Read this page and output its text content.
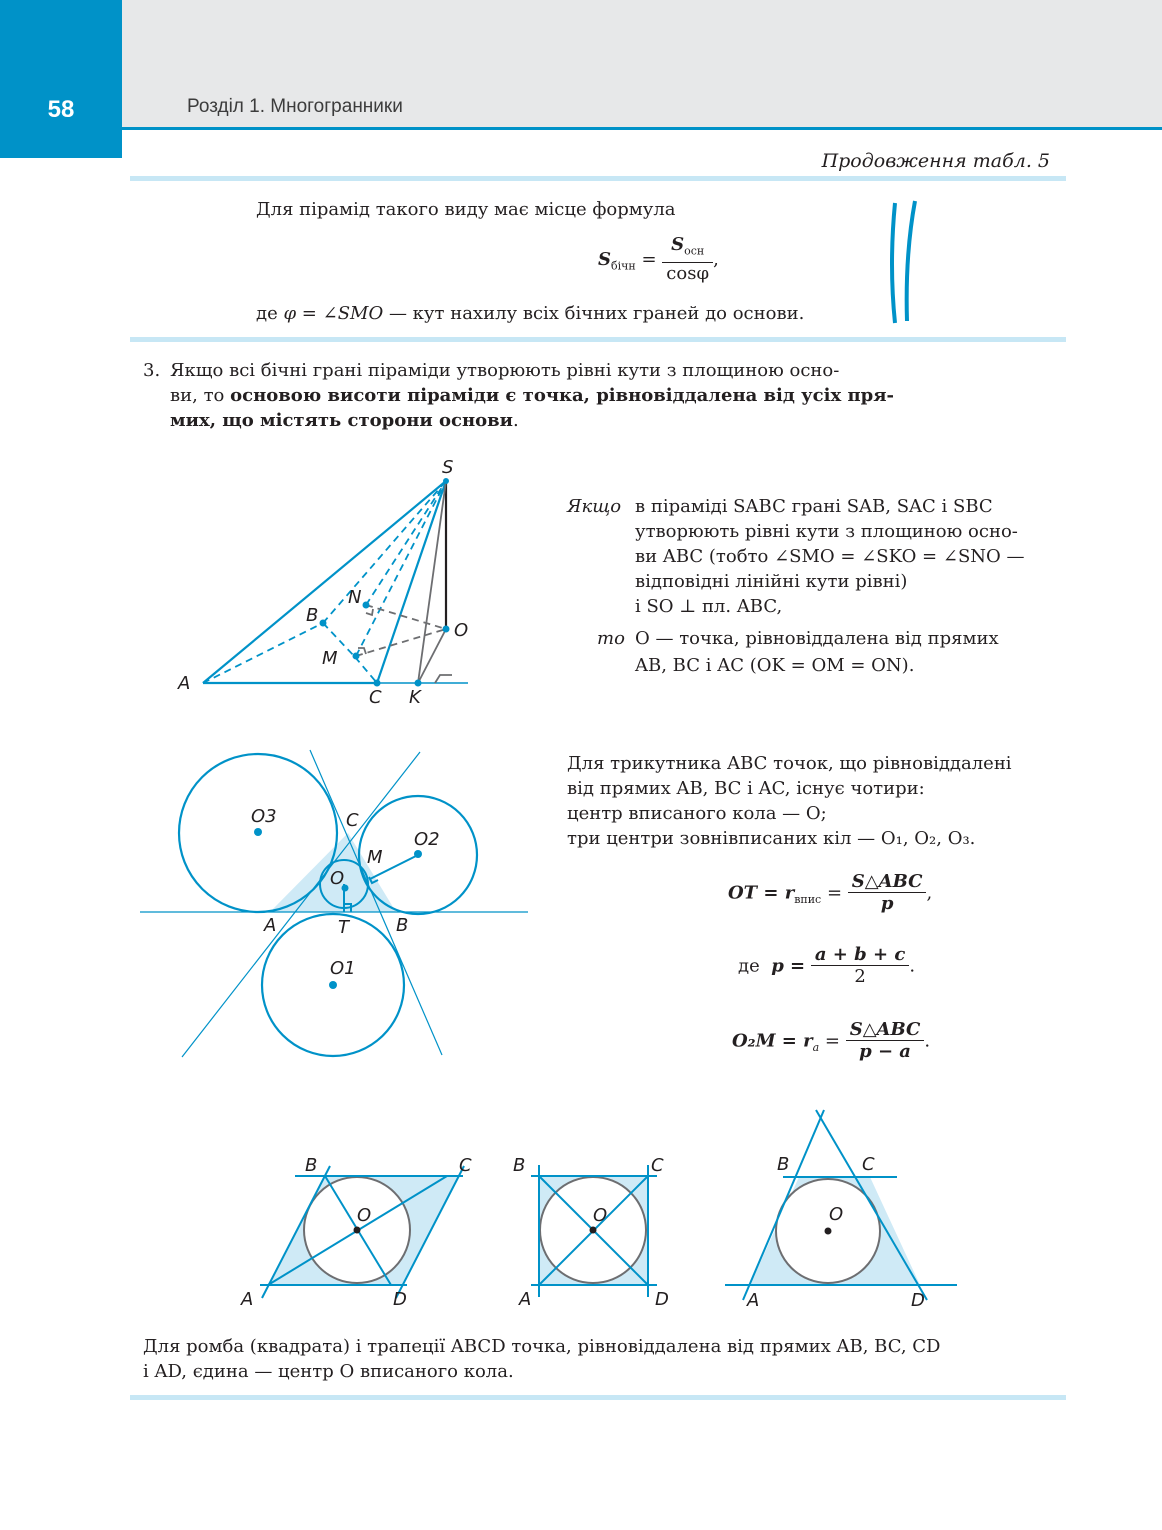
58	Розділ 1. Многогранники
Продовження табл. 5
Для пірамід такого виду має місце формула
$S_{бічн} = \frac{S_{осн}}{\cos\varphi}$ ,
де φ = ∠SMO — кут нахилу всіх бічних граней до основи.
3. Якщо всі бічні грані піраміди утворюють рівні кути з площиною осно-
ви, то основою висоти піраміди є точка, рівновіддалена від усіх пря-
мих, що містять сторони основи.
S
N
B
O
M
A
C K
Якщо в піраміді SABC грані SAB, SAC і SBC
утворюють рівні кути з площиною осно-
ви ABC (тобто ∠SMO = ∠SKO = ∠SNO —
відповідні лінійні кути рівні)
і SO ⊥ пл. ABC,
то O — точка, рівновіддалена від прямих
AB, BC і AC (OK = OM = ON).
O3	C
O2
M
O
A	T	B
O1
Для трикутника ABC точок, що рівновіддалені
від прямих AB, BC і AC, існує чотири:
центр вписаного кола — O;
три центри зовнівписаних кіл — O₁, O₂, O₃.
OT = $r_{впис} = \frac{\text{S△ABC}}{p}$ ,
де $p = \frac{a + b + c}{2}$ .
$O_2M = r_a = \frac{\text{S△ABC}}{p - a}$ .
B	C
O
A	D
B	C
O
A	D
B	C
O
A	D
Для ромба (квадрата) і трапеції ABCD точка, рівновіддалена від прямих AB, BC, CD
і AD, єдина — центр O вписаного кола.
